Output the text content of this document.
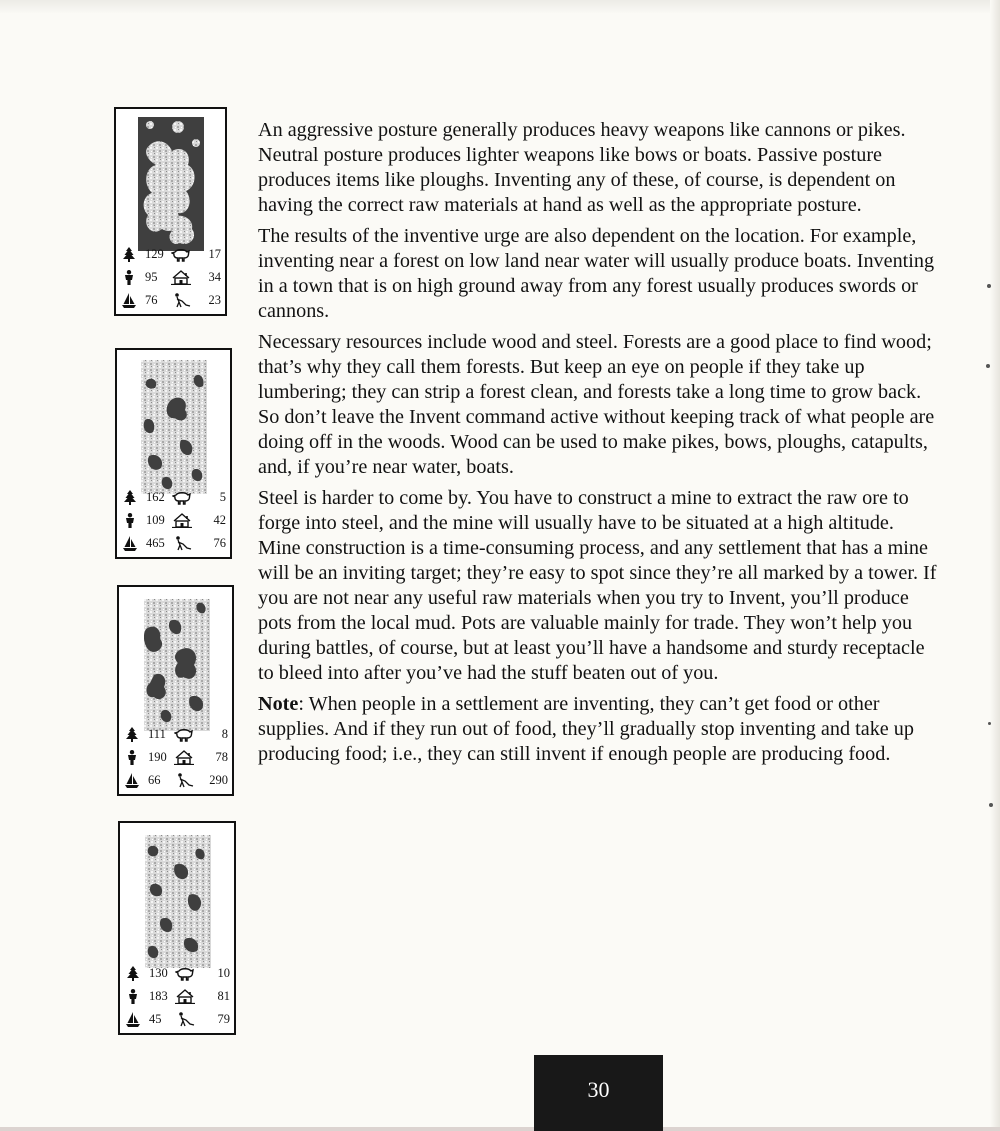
129	17
95	34
76	23
162	5
109	42
465	76
111	8
190	78
66	290
130	10
183	81
45	79

An aggressive posture generally produces heavy weapons like cannons or pikes. Neutral posture produces lighter weapons like bows or boats. Passive posture produces items like ploughs. Inventing any of these, of course, is dependent on having the correct raw materials at hand as well as the appropriate posture.

The results of the inventive urge are also dependent on the location. For example, inventing near a forest on low land near water will usually produce boats. Inventing in a town that is on high ground away from any forest usually produces swords or cannons.

Necessary resources include wood and steel. Forests are a good place to find wood; that’s why they call them forests. But keep an eye on people if they take up lumbering; they can strip a forest clean, and forests take a long time to grow back. So don’t leave the Invent command active without keeping track of what people are doing off in the woods. Wood can be used to make pikes, bows, ploughs, catapults, and, if you’re near water, boats.

Steel is harder to come by. You have to construct a mine to extract the raw ore to forge into steel, and the mine will usually have to be situated at a high altitude. Mine construction is a time-consuming process, and any settlement that has a mine will be an inviting target; they’re easy to spot since they’re all marked by a tower. If you are not near any useful raw materials when you try to Invent, you’ll produce pots from the local mud. Pots are valuable mainly for trade. They won’t help you during battles, of course, but at least you’ll have a handsome and sturdy receptacle to bleed into after you’ve had the stuff beaten out of you.

Note: When people in a settlement are inventing, they can’t get food or other supplies. And if they run out of food, they’ll gradually stop inventing and take up producing food; i.e., they can still invent if enough people are producing food.

30
